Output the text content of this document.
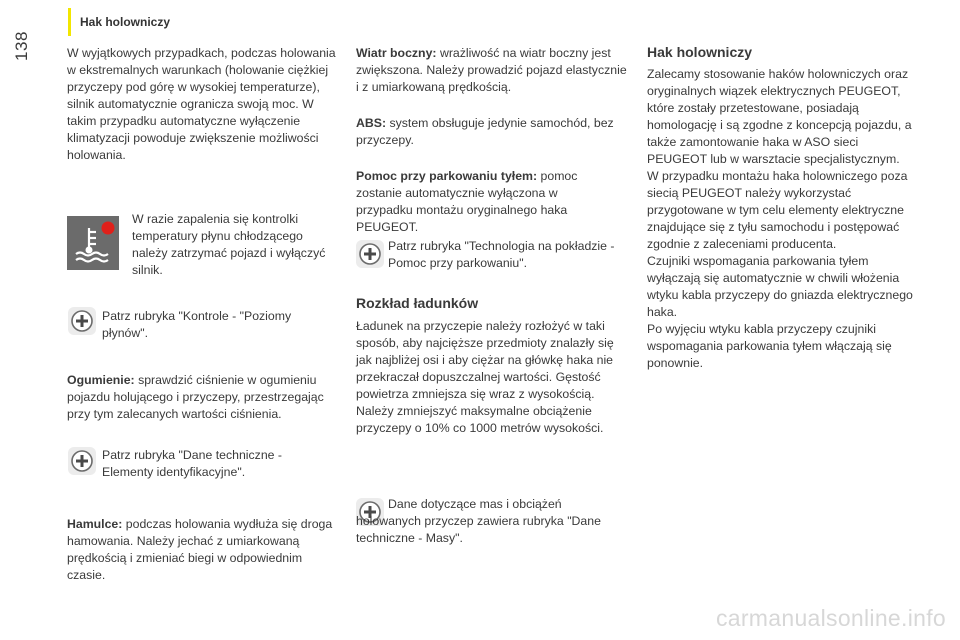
Hak holowniczy
138	W wyjątkowych przypadkach, podczas holowania w ekstremalnych warunkach (holowanie ciężkiej przyczepy pod górę w wysokiej temperaturze), silnik automatycznie ogranicza swoją moc. W takim przypadku automatyczne wyłączenie klimatyzacji powoduje zwiększenie możliwości holowania.

W razie zapalenia się kontrolki temperatury płynu chłodzącego należy zatrzymać pojazd i wyłączyć silnik.

Patrz rubryka "Kontrole - "Poziomy płynów".

Ogumienie: sprawdzić ciśnienie w ogumieniu pojazdu holującego i przyczepy, przestrzegając przy tym zalecanych wartości ciśnienia.

Patrz rubryka "Dane techniczne - Elementy identyfikacyjne".

Hamulce: podczas holowania wydłuża się droga hamowania. Należy jechać z umiarkowaną prędkością i zmieniać biegi w odpowiednim czasie.

Wiatr boczny: wrażliwość na wiatr boczny jest zwiększona. Należy prowadzić pojazd elastycznie i z umiarkowaną prędkością.

ABS: system obsługuje jedynie samochód, bez przyczepy.

Pomoc przy parkowaniu tyłem: pomoc zostanie automatycznie wyłączona w przypadku montażu oryginalnego haka PEUGEOT.

Patrz rubryka "Technologia na pokładzie - Pomoc przy parkowaniu".

Rozkład ładunków

Ładunek na przyczepie należy rozłożyć w taki sposób, aby najcięższe przedmioty znalazły się jak najbliżej osi i aby ciężar na główkę haka nie przekraczał dopuszczalnej wartości. Gęstość powietrza zmniejsza się wraz z wysokością. Należy zmniejszyć maksymalne obciążenie przyczepy o 10% co 1000 metrów wysokości.

Dane dotyczące mas i obciążeń holowanych przyczep zawiera rubryka "Dane techniczne - Masy".

Hak holowniczy

Zalecamy stosowanie haków holowniczych oraz oryginalnych wiązek elektrycznych PEUGEOT, które zostały przetestowane, posiadają homologację i są zgodne z koncepcją pojazdu, a także zamontowanie haka w ASO sieci PEUGEOT lub w warsztacie specjalistycznym.

W przypadku montażu haka holowniczego poza siecią PEUGEOT należy wykorzystać przygotowane w tym celu elementy elektryczne znajdujące się z tyłu samochodu i postępować zgodnie z zaleceniami producenta.

Czujniki wspomagania parkowania tyłem wyłączają się automatycznie w chwili włożenia wtyku kabla przyczepy do gniazda elektrycznego haka.

Po wyjęciu wtyku kabla przyczepy czujniki wspomagania parkowania tyłem włączają się ponownie.

carmanualsonline.info
